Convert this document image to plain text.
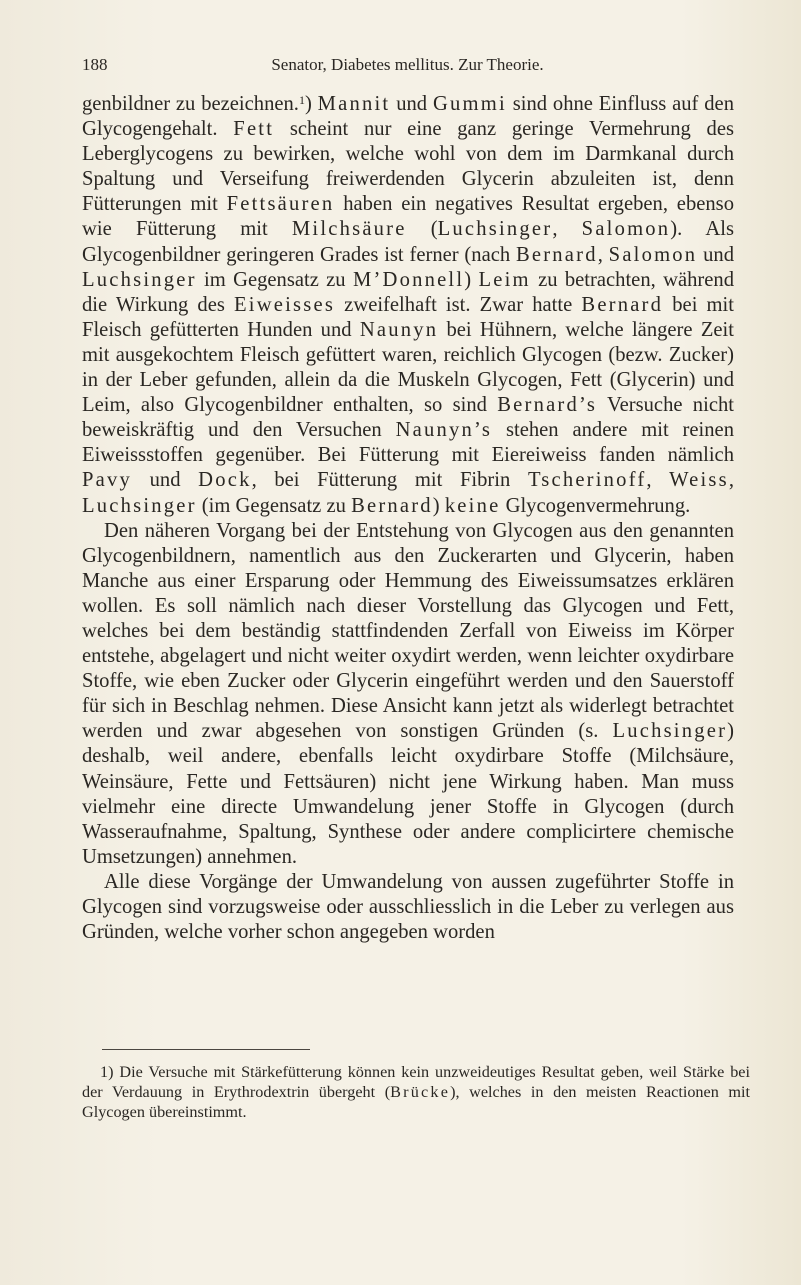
188	Senator, Diabetes mellitus. Zur Theorie.

genbildner zu bezeichnen.$^1$) Mannit und Gummi sind ohne Einfluss auf den Glycogengehalt. Fett scheint nur eine ganz geringe Vermehrung des Leberglycogens zu bewirken, welche wohl von dem im Darmkanal durch Spaltung und Verseifung freiwerdenden Glycerin abzuleiten ist, denn Fütterungen mit Fettsäuren haben ein negatives Resultat ergeben, ebenso wie Fütterung mit Milchsäure (Luchsinger, Salomon). Als Glycogenbildner geringeren Grades ist ferner (nach Bernard, Salomon und Luchsinger im Gegensatz zu M’Donnell) Leim zu betrachten, während die Wirkung des Eiweisses zweifelhaft ist. Zwar hatte Bernard bei mit Fleisch gefütterten Hunden und Naunyn bei Hühnern, welche längere Zeit mit ausgekochtem Fleisch gefüttert waren, reichlich Glycogen (bezw. Zucker) in der Leber gefunden, allein da die Muskeln Glycogen, Fett (Glycerin) und Leim, also Glycogenbildner enthalten, so sind Bernard’s Versuche nicht beweiskräftig und den Versuchen Naunyn’s stehen andere mit reinen Eiweissstoffen gegenüber. Bei Fütterung mit Eiereiweiss fanden nämlich Pavy und Dock, bei Fütterung mit Fibrin Tscherinoff, Weiss, Luchsinger (im Gegensatz zu Bernard) keine Glycogenvermehrung.

Den näheren Vorgang bei der Entstehung von Glycogen aus den genannten Glycogenbildnern, namentlich aus den Zuckerarten und Glycerin, haben Manche aus einer Ersparung oder Hemmung des Eiweissumsatzes erklären wollen. Es soll nämlich nach dieser Vorstellung das Glycogen und Fett, welches bei dem beständig stattfindenden Zerfall von Eiweiss im Körper entstehe, abgelagert und nicht weiter oxydirt werden, wenn leichter oxydirbare Stoffe, wie eben Zucker oder Glycerin eingeführt werden und den Sauerstoff für sich in Beschlag nehmen. Diese Ansicht kann jetzt als widerlegt betrachtet werden und zwar abgesehen von sonstigen Gründen (s. Luchsinger) deshalb, weil andere, ebenfalls leicht oxydirbare Stoffe (Milchsäure, Weinsäure, Fette und Fettsäuren) nicht jene Wirkung haben. Man muss vielmehr eine directe Umwandelung jener Stoffe in Glycogen (durch Wasseraufnahme, Spaltung, Synthese oder andere complicirtere chemische Umsetzungen) annehmen.

Alle diese Vorgänge der Umwandelung von aussen zugeführter Stoffe in Glycogen sind vorzugsweise oder ausschliesslich in die Leber zu verlegen aus Gründen, welche vorher schon angegeben worden

1) Die Versuche mit Stärkefütterung können kein unzweideutiges Resultat geben, weil Stärke bei der Verdauung in Erythrodextrin übergeht (Brücke), welches in den meisten Reactionen mit Glycogen übereinstimmt.
